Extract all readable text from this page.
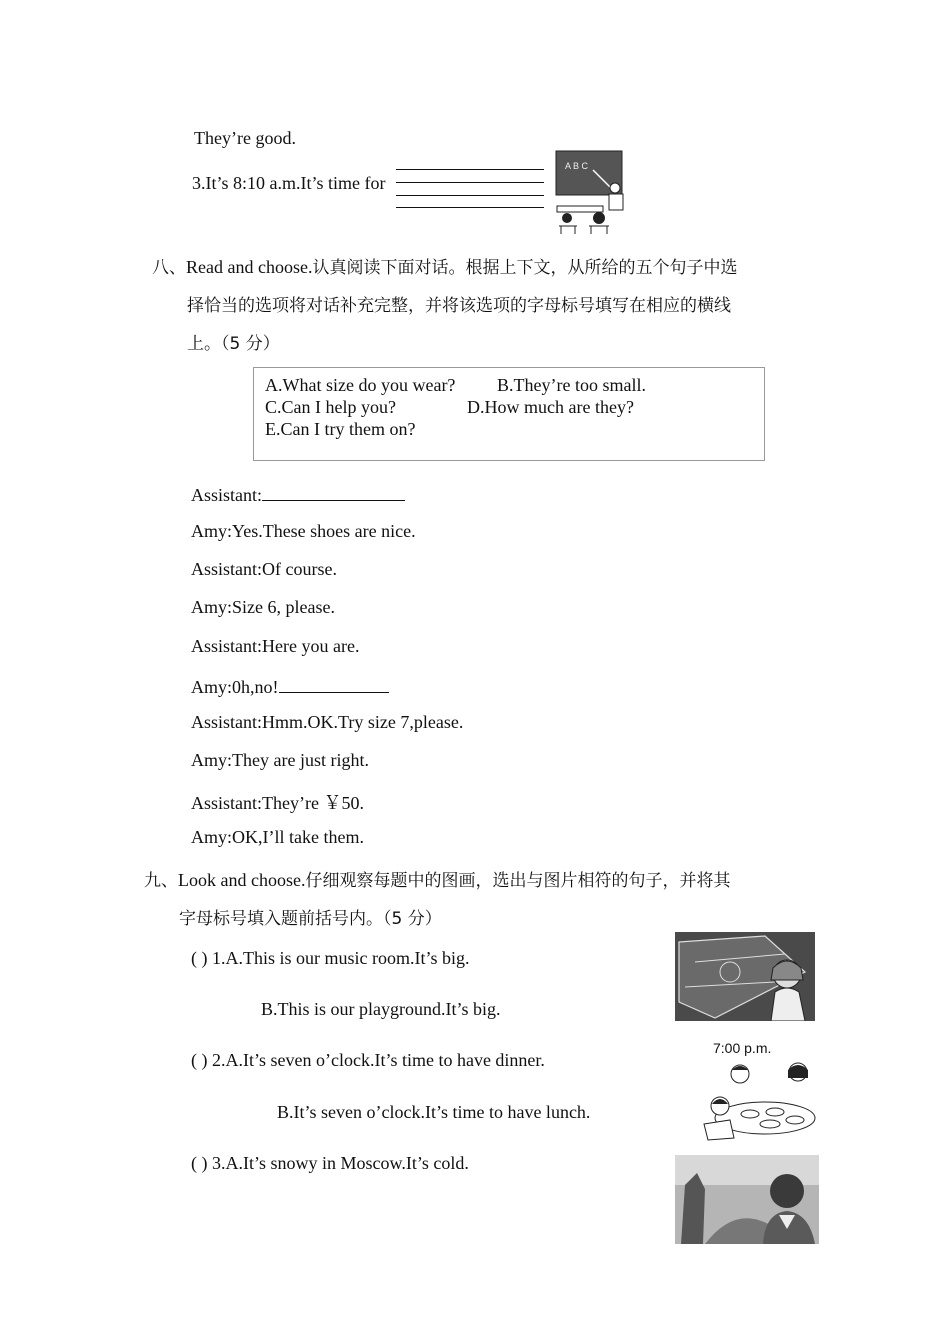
They’re good.
3.It’s 8:10 a.m.It’s time for
A B C
八、Read and choose.认真阅读下面对话。根据上下文，从所给的五个句子中选
择恰当的选项将对话补充完整，并将该选项的字母标号填写在相应的横线
上。（5 分）
A.What size do you wear? B.They’re too small.
C.Can I help you?	D.How much are they?
E.Can I try them on?
Assistant:
Amy:Yes.These shoes are nice.
Assistant:Of course.
Amy:Size 6, please.
Assistant:Here you are.
Amy:0h,no!
Assistant:Hmm.OK.Try size 7,please.
Amy:They are just right.
Assistant:They’re ￥50.
Amy:OK,I’ll take them.
九、Look and choose.仔细观察每题中的图画，选出与图片相符的句子，并将其
字母标号填入题前括号内。（5 分）
( ) 1.A.This is our music room.It’s big.
B.This is our playground.It’s big.
( ) 2.A.It’s seven o’clock.It’s time to have dinner.
B.It’s seven o’clock.It’s time to have lunch.
7:00 p.m.
( ) 3.A.It’s snowy in Moscow.It’s cold.
